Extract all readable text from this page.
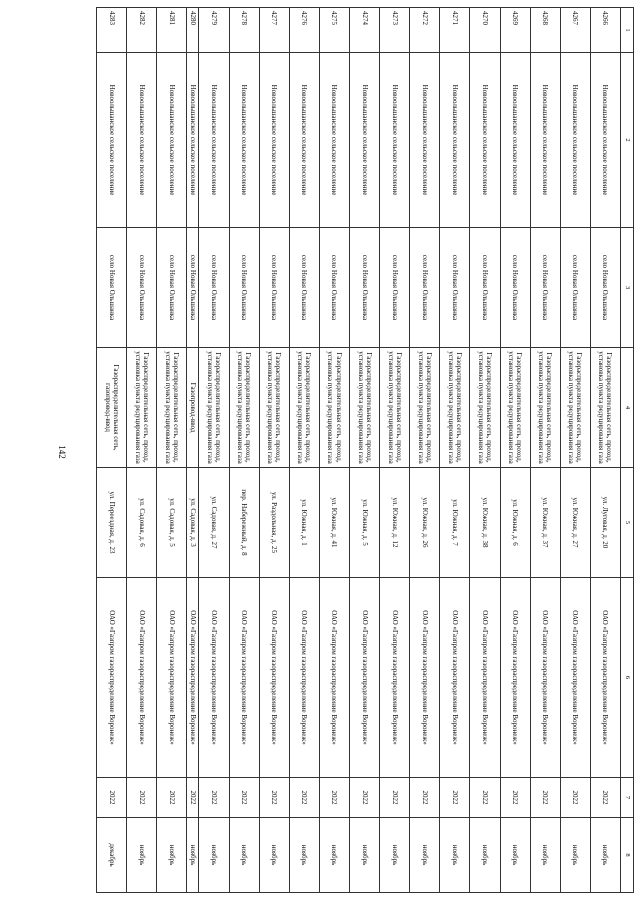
142
1	2	3	4	5	6	7	8
4266	Новоольшанское сельское поселение	село Новая Ольшанка	Газораспределительная сеть, проход, установка пункта редуцирования газа	ул. Луговая, д. 20	ОАО «Газпром газораспределение Воронеж»	2022	ноябрь
4267	Новоольшанское сельское поселение	село Новая Ольшанка	Газораспределительная сеть, проход, установка пункта редуцирования газа	ул. Южная, д. 27	ОАО «Газпром газораспределение Воронеж»	2022	ноябрь
4268	Новоольшанское сельское поселение	село Новая Ольшанка	Газораспределительная сеть, проход, установка пункта редуцирования газа	ул. Южная, д. 37	ОАО «Газпром газораспределение Воронеж»	2022	ноябрь
4269	Новоольшанское сельское поселение	село Новая Ольшанка	Газораспределительная сеть, проход, установка пункта редуцирования газа	ул. Южная, д. 6	ОАО «Газпром газораспределение Воронеж»	2022	ноябрь
4270	Новоольшанское сельское поселение	село Новая Ольшанка	Газораспределительная сеть, проход, установка пункта редуцирования газа	ул. Южная, д. 38	ОАО «Газпром газораспределение Воронеж»	2022	ноябрь
4271	Новоольшанское сельское поселение	село Новая Ольшанка	Газораспределительная сеть, проход, установка пункта редуцирования газа	ул. Южная, д. 7	ОАО «Газпром газораспределение Воронеж»	2022	ноябрь
4272	Новоольшанское сельское поселение	село Новая Ольшанка	Газораспределительная сеть, проход, установка пункта редуцирования газа	ул. Южная, д. 26	ОАО «Газпром газораспределение Воронеж»	2022	ноябрь
4273	Новоольшанское сельское поселение	село Новая Ольшанка	Газораспределительная сеть, проход, установка пункта редуцирования газа	ул. Южная, д. 12	ОАО «Газпром газораспределение Воронеж»	2022	ноябрь
4274	Новоольшанское сельское поселение	село Новая Ольшанка	Газораспределительная сеть, проход, установка пункта редуцирования газа	ул. Южная, д. 5	ОАО «Газпром газораспределение Воронеж»	2022	ноябрь
4275	Новоольшанское сельское поселение	село Новая Ольшанка	Газораспределительная сеть, проход, установка пункта редуцирования газа	ул. Южная, д. 41	ОАО «Газпром газораспределение Воронеж»	2022	ноябрь
4276	Новоольшанское сельское поселение	село Новая Ольшанка	Газораспределительная сеть, проход, установка пункта редуцирования газа	ул. Южная, д. 1	ОАО «Газпром газораспределение Воронеж»	2022	ноябрь
4277	Новоольшанское сельское поселение	село Новая Ольшанка	Газораспределительная сеть, проход, установка пункта редуцирования газа	ул. Раздольная, д. 25	ОАО «Газпром газораспределение Воронеж»	2022	ноябрь
4278	Новоольшанское сельское поселение	село Новая Ольшанка	Газораспределительная сеть, проход, установка пункта редуцирования газа	пер. Набережный, д. 8	ОАО «Газпром газораспределение Воронеж»	2022	ноябрь
4279	Новоольшанское сельское поселение	село Новая Ольшанка	Газораспределительная сеть, проход, установка пункта редуцирования газа	ул. Садовая, д. 27	ОАО «Газпром газораспределение Воронеж»	2022	ноябрь
4280	Новоольшанское сельское поселение	село Новая Ольшанка	Газопровод-ввод	ул. Садовая, д. 3	ОАО «Газпром газораспределение Воронеж»	2022	ноябрь
4281	Новоольшанское сельское поселение	село Новая Ольшанка	Газораспределительная сеть, проход, установка пункта редуцирования газа	ул. Садовая, д. 5	ОАО «Газпром газораспределение Воронеж»	2022	ноябрь
4282	Новоольшанское сельское поселение	село Новая Ольшанка	Газораспределительная сеть, проход, установка пункта редуцирования газа	ул. Садовая, д. 6	ОАО «Газпром газораспределение Воронеж»	2022	ноябрь
4283	Новоольшанское сельское поселение	село Новая Ольшанка	Газораспределительная сеть, газопровод-ввод	ул. Переездная, д. 23	ОАО «Газпром газораспределение Воронеж»	2022	декабрь
